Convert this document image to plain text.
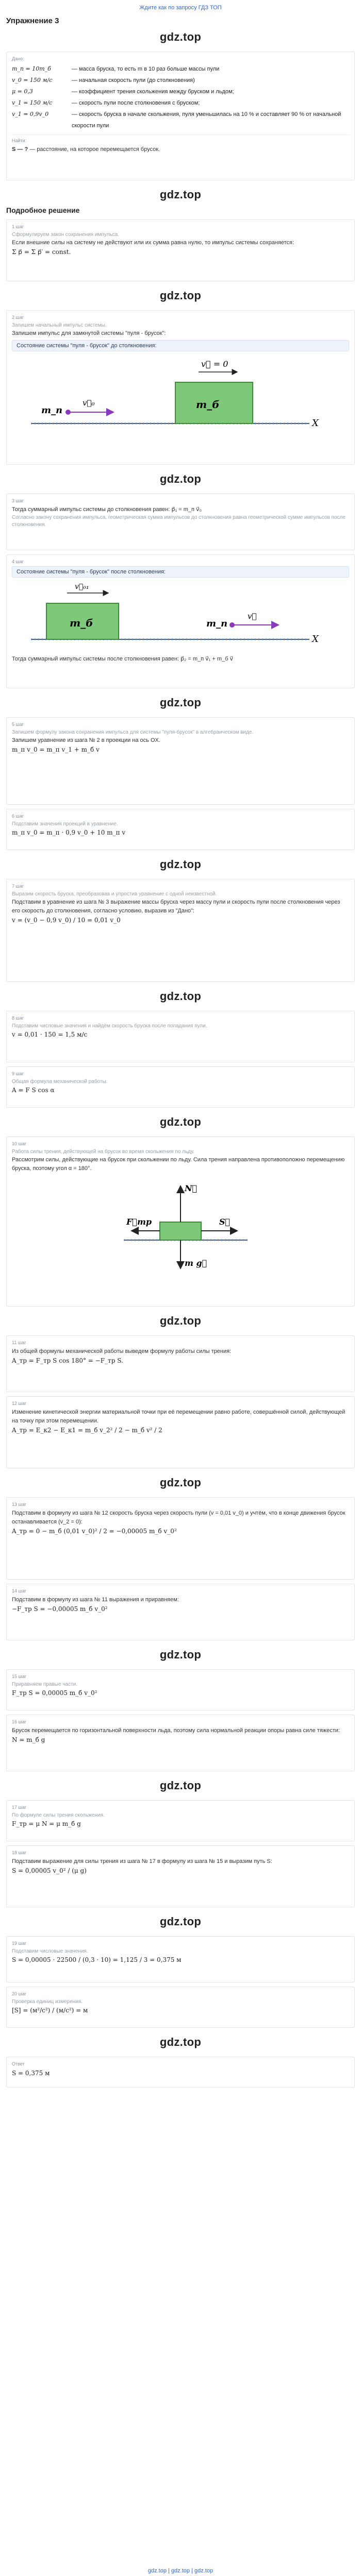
Ждите как по запросу ГДЗ ТОП
Упражнение 3
gdz.top
Дано:
m_п = 10m_б	— масса бруска, то есть m в 10 раз больше массы пули
v_0 = 150 м/с	— начальная скорость пули (до столкновения)
μ = 0,3	— коэффициент трения скольжения между бруском и льдом;
v_1 = 150 м/с	— скорость пули после столкновения с бруском;
v_1 = 0,9v_0	— скорость бруска в начале скольжения, пуля уменьшилась на 10 % и составляет 90 % от начальной скорости пули
Найти:
S — ? — расстояние, на которое перемещается брусок.
gdz.top
Подробное решение
1 шаг
Сформулируем закон сохранения импульса.
Если внешние силы на систему не действуют или их сумма равна нулю, то импульс системы сохраняется:
Σ p⃗ = Σ p⃗′ = const.
gdz.top
2 шаг
Запишем начальный импульс системы.
Запишем импульс для замкнутой системы "пуля - брусок":
Состояние системы "пуля - брусок" до столкновения:
X
m_б
v⃗ = 0
m_п
v⃗₀
gdz.top
3 шаг
Тогда суммарный импульс системы до столкновения равен: p⃗₁ = m_п v⃗₀
Согласно закону сохранения импульса, геометрическая сумма импульсов до столкновения равна геометрической сумме импульсов после столкновения.
4 шаг
Состояние системы "пуля - брусок" после столкновения:
X
m_б
v⃗₀₁
m_п
v⃗
Тогда суммарный импульс системы после столкновения равен: p⃗₂ = m_п v⃗₁ + m_б v⃗
gdz.top
5 шаг
Запишем формулу закона сохранения импульса для системы "пуля-брусок" в алгебраическом виде.
Запишем уравнение из шага № 2 в проекции на ось OX.
m_п v_0 = m_п v_1 + m_б v
6 шаг
Подставим значения проекций в уравнение.
m_п v_0 = m_п · 0,9 v_0 + 10 m_п v
gdz.top
7 шаг
Выразим скорость бруска, преобразовав и упростив уравнение с одной неизвестной.
Подставим в уравнение из шага № 3 выражение массы бруска через массу пули и скорость пули после столкновения через его скорость до столкновения, согласно условию, выразив из "Дано":
v = (v_0 − 0,9 v_0) / 10 = 0,01 v_0
gdz.top
8 шаг
Подставим числовые значения и найдём скорость бруска после попадания пули.
v = 0,01 · 150 = 1,5 м/с
9 шаг
Общая формула механической работы.
A = F S cos α
gdz.top
10 шаг
Работа силы трения, действующей на брусок во время скольжения по льду.
Рассмотрим силы, действующие на брусок при скольжении по льду. Сила трения направлена противоположно перемещению бруска, поэтому угол α = 180°.
N⃗
m g⃗
F⃗тр	S⃗
gdz.top
11 шаг
Из общей формулы механической работы выведем формулу работы силы трения:
A_тр = F_тр S cos 180° = −F_тр S.
12 шаг
Изменение кинетической энергии материальной точки при её перемещении равно работе, совершённой силой, действующей на точку при этом перемещении.
A_тр = E_к2 − E_к1 = m_б v_2² / 2 − m_б v² / 2
gdz.top
13 шаг
Подставим в формулу из шага № 12 скорость бруска через скорость пули (v = 0,01 v_0) и учтём, что в конце движения брусок останавливается (v_2 = 0):
A_тр = 0 − m_б (0,01 v_0)² / 2 = −0,00005 m_б v_0²
14 шаг
Подставим в формулу из шага № 11 выражения и приравняем:
−F_тр S = −0,00005 m_б v_0²
gdz.top
15 шаг
Приравняем правые части.
F_тр S = 0,00005 m_б v_0²
16 шаг
Брусок перемещается по горизонтальной поверхности льда, поэтому сила нормальной реакции опоры равна силе тяжести:
N = m_б g
gdz.top
17 шаг
По формуле силы трения скольжения.
F_тр = μ N = μ m_б g
18 шаг
Подставим выражение для силы трения из шага № 17 в формулу из шага № 15 и выразим путь S:
S = 0,00005 v_0² / (μ g)
gdz.top
19 шаг
Подставим числовые значения.
S = 0,00005 · 22500 / (0,3 · 10) = 1,125 / 3 = 0,375 м
20 шаг
Проверка единиц измерения.
[S] = (м²/с²) / (м/с²) = м
gdz.top
Ответ
S = 0,375 м
gdz.top | gdz.top | gdz.top
